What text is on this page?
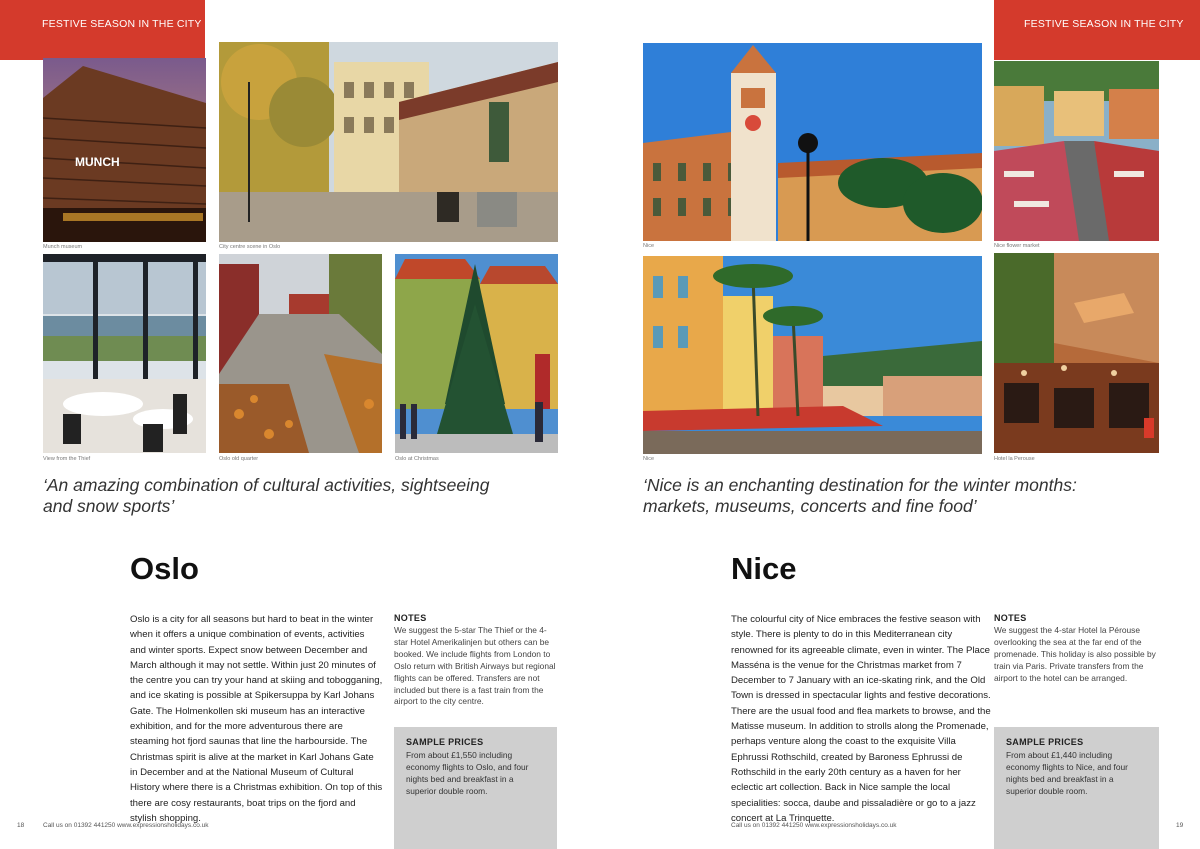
FESTIVE SEASON IN THE CITY
MUNCH
Munch museum	City centre scene in Oslo
View from the Thief	Oslo old quarter	Oslo at Christmas
‘An amazing combination of cultural activities, sightseeing and snow sports’
Oslo
Oslo is a city for all seasons but hard to beat in the winter when it offers a unique combination of events, activities and winter sports. Expect snow between December and March although it may not settle. Within just 20 minutes of the centre you can try your hand at skiing and tobogganing, and ice skating is possible at Spikersuppa by Karl Johans Gate. The Holmenkollen ski museum has an interactive exhibition, and for the more adventurous there are steaming hot fjord saunas that line the harbourside. The Christmas spirit is alive at the market in Karl Johans Gate in December and at the National Museum of Cultural History where there is a Christmas exhibition. On top of this there are cosy restaurants, boat trips on the fjord and stylish shopping.
NOTES
We suggest the 5-star The Thief or the 4-star Hotel Amerikalinjen but others can be booked. We include flights from London to Oslo return with British Airways but regional flights can be offered. Transfers are not included but there is a fast train from the airport to the city centre.
SAMPLE PRICES
From about £1,550 including economy flights to Oslo, and four nights bed and breakfast in a superior double room.
18	Call us on 01392 441250 www.expressionsholidays.co.uk
FESTIVE SEASON IN THE CITY
Nice	Nice flower market
Nice	Hotel la Perouse
‘Nice is an enchanting destination for the winter months: markets, museums, concerts and fine food’
Nice
The colourful city of Nice embraces the festive season with style. There is plenty to do in this Mediterranean city renowned for its agreeable climate, even in winter. The Place Masséna is the venue for the Christmas market from 7 December to 7 January with an ice-skating rink, and the Old Town is dressed in spectacular lights and festive decorations. There are the usual food and flea markets to browse, and the Matisse museum. In addition to strolls along the Promenade, perhaps venture along the coast to the exquisite Villa Ephrussi Rothschild, created by Baroness Ephrussi de Rothschild in the early 20th century as a haven for her eclectic art collection. Back in Nice sample the local specialities: socca, daube and pissaladière or go to a jazz concert at La Trinquette.
NOTES
We suggest the 4-star Hotel la Pérouse overlooking the sea at the far end of the promenade. This holiday is also possible by train via Paris. Private transfers from the airport to the hotel can be arranged.
SAMPLE PRICES
From about £1,440 including economy flights to Nice, and four nights bed and breakfast in a superior double room.
Call us on 01392 441250 www.expressionsholidays.co.uk	19
